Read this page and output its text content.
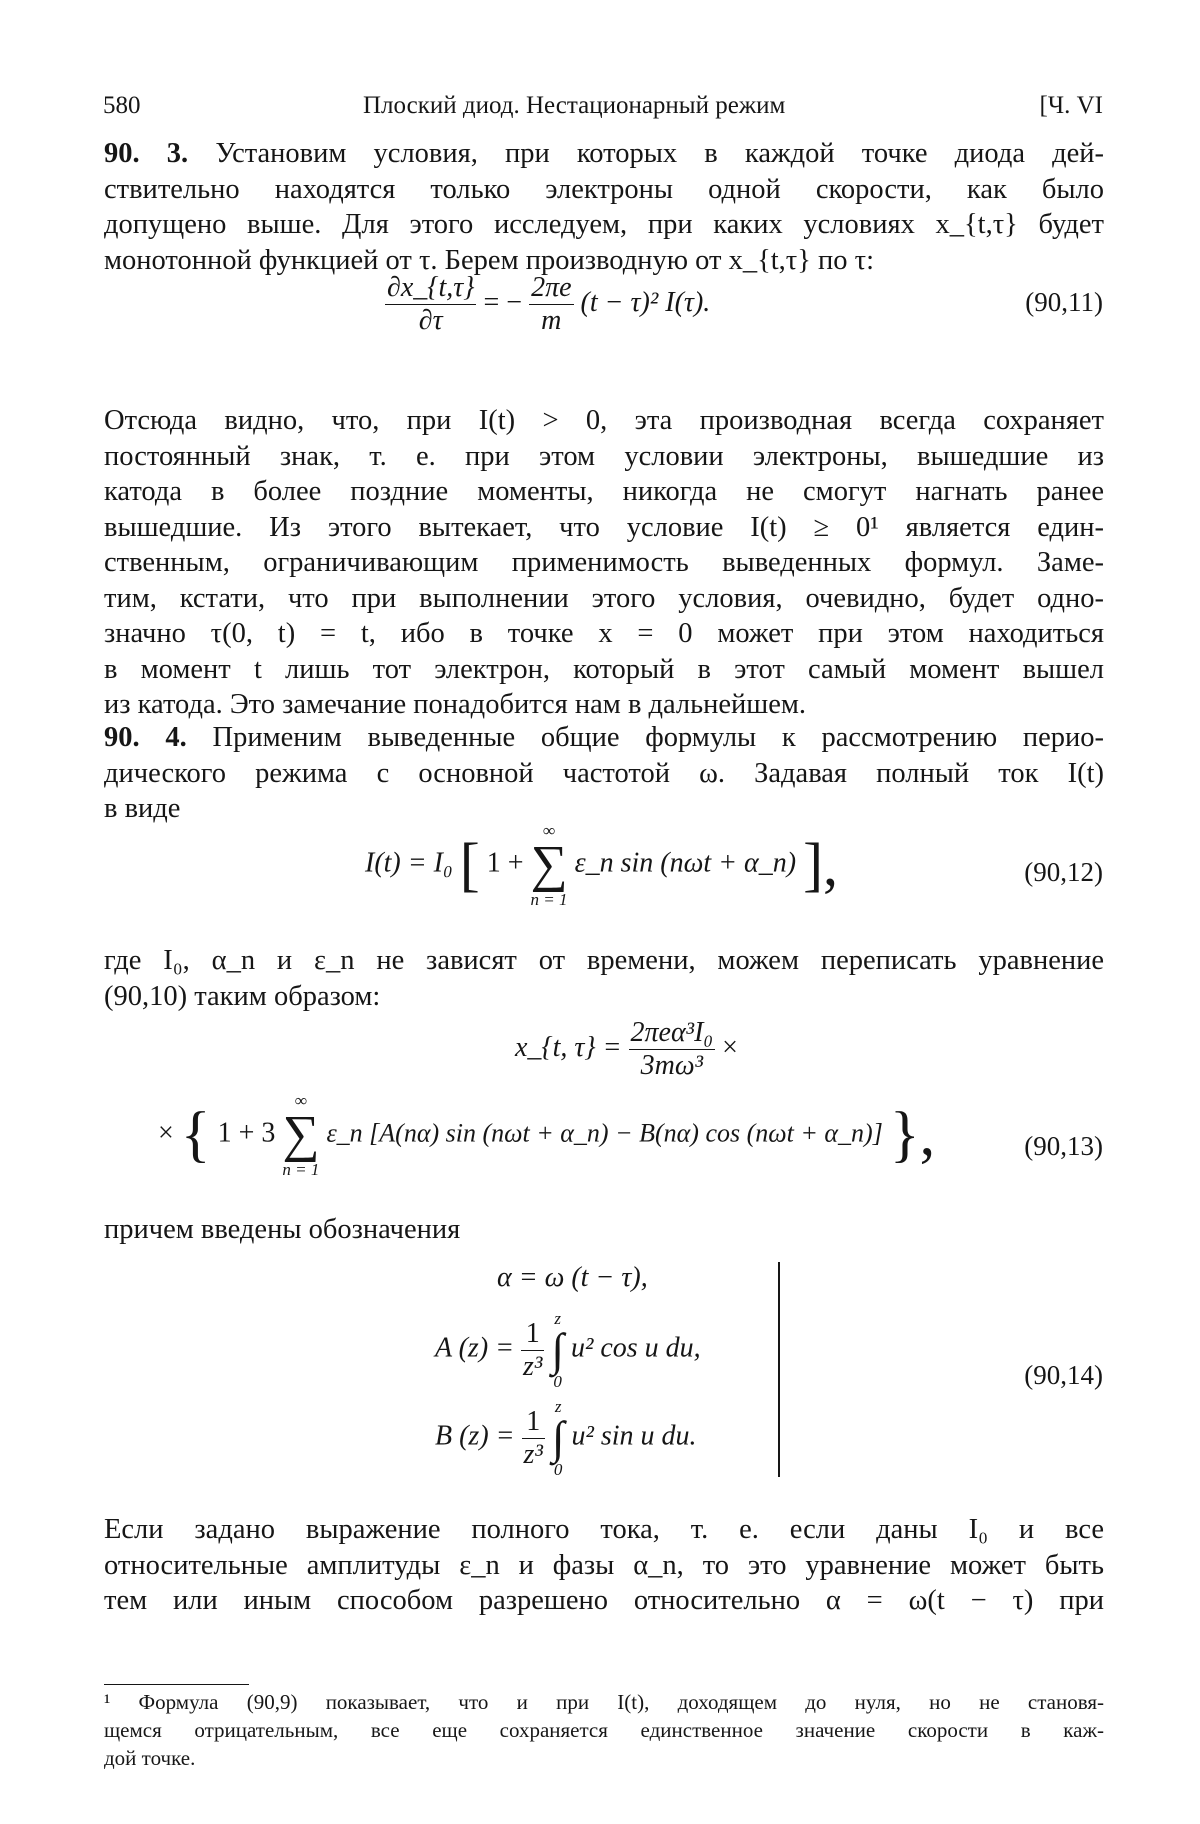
580	Плоский диод. Нестационарный режим	[Ч. VI
90. 3. Установим условия, при которых в каждой точке диода дей-
ствительно находятся только электроны одной скорости, как было
допущено выше. Для этого исследуем, при каких условиях x_{t,τ} будет
монотонной функцией от τ. Берем производную от x_{t,τ} по τ:
$\frac{\partial x\_\{t,\tau\}}{\partial\tau}$ = − $\frac{2\pi e}{m} (t - \tau)^2$ I(τ).	(90,11)
Отсюда видно, что, при I(t) > 0, эта производная всегда сохраняет
постоянный знак, т. е. при этом условии электроны, вышедшие из
катода в более поздние моменты, никогда не смогут нагнать ранее
вышедшие. Из этого вытекает, что условие I(t) ≥ 0¹ является един-
ственным, ограничивающим применимость выведенных формул. Заме-
тим, кстати, что при выполнении этого условия, очевидно, будет одно-
значно τ(0, t) = t, ибо в точке x = 0 может при этом находиться
в момент t лишь тот электрон, который в этот самый момент вышел
из катода. Это замечание понадобится нам в дальнейшем.
90. 4. Применим выведенные общие формулы к рассмотрению перио-
дического режима с основной частотой ω. Задавая полный ток I(t)
в виде
I(t) = I₀ [ 1 +
∞
∑
n = 1
ε_n sin (nωt + α_n) ],	(90,12)
где I₀, α_n и ε_n не зависят от времени, можем переписать уравнение
(90,10) таким образом:
x_{t, $\tau\} = \frac{\text{2πeα³I₀}}{\text{3mω³}}$ ×
× { 1 + 3
∞
∑
n = 1
ε_n [A(nα) sin (nωt + α_n) − B(nα) cos (nωt + α_n)] },	(90,13)
причем введены обозначения
α = ω (t − τ),
A $(z) = \frac{1}{\text{z³}}$
z
∫
0
u² cos u du,
B $(z) = \frac{1}{\text{z³}}$
z
∫
0
u² sin u du.
(90,14)
Если задано выражение полного тока, т. е. если даны I₀ и все
относительные амплитуды ε_n и фазы α_n, то это уравнение может быть
тем или иным способом разрешено относительно α = ω(t − τ) при
¹ Формула (90,9) показывает, что и при I(t), доходящем до нуля, но не становя-
щемся отрицательным, все еще сохраняется единственное значение скорости в каж-
дой точке.
